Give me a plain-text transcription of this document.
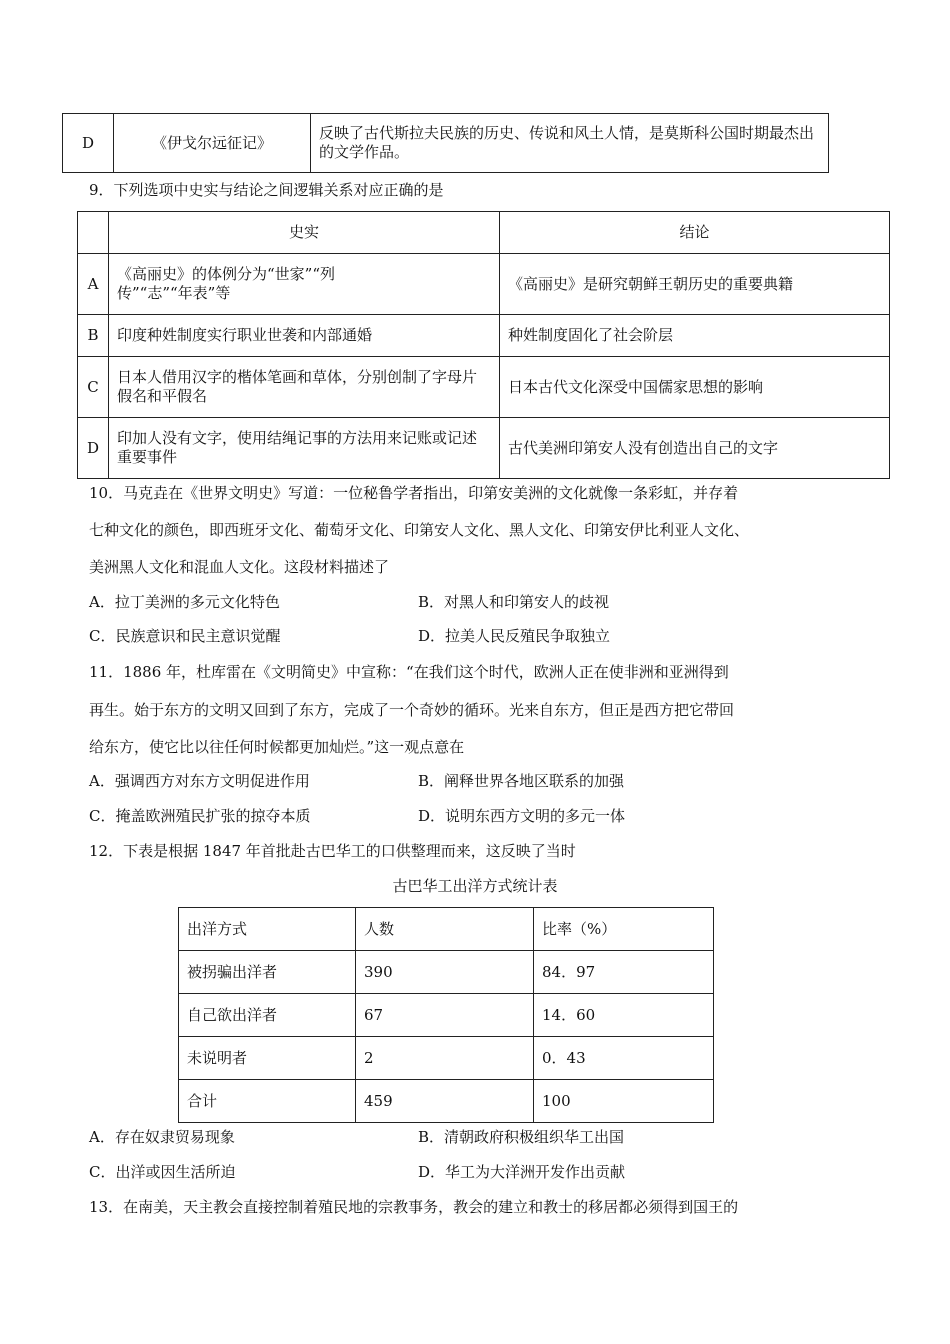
D	《伊戈尔远征记》	反映了古代斯拉夫民族的历史、传说和风土人情，是莫斯科公国时期最杰出的文学作品。
9．下列选项中史实与结论之间逻辑关系对应正确的是
	史实	结论
A	《高丽史》的体例分为“世家”“列传”“志”“年表”等	《高丽史》是研究朝鲜王朝历史的重要典籍
B	印度种姓制度实行职业世袭和内部通婚	种姓制度固化了社会阶层
C	日本人借用汉字的楷体笔画和草体，分别创制了字母片假名和平假名	日本古代文化深受中国儒家思想的影响
D	印加人没有文字，使用结绳记事的方法用来记账或记述重要事件	古代美洲印第安人没有创造出自己的文字
10．马克垚在《世界文明史》写道：一位秘鲁学者指出，印第安美洲的文化就像一条彩虹，并存着
七种文化的颜色，即西班牙文化、葡萄牙文化、印第安人文化、黑人文化、印第安伊比利亚人文化、
美洲黑人文化和混血人文化。这段材料描述了
A．拉丁美洲的多元文化特色	B．对黑人和印第安人的歧视
C．民族意识和民主意识觉醒	D．拉美人民反殖民争取独立
11．1886 年，杜库雷在《文明简史》中宣称：“在我们这个时代，欧洲人正在使非洲和亚洲得到
再生。始于东方的文明又回到了东方，完成了一个奇妙的循环。光来自东方，但正是西方把它带回
给东方，使它比以往任何时候都更加灿烂。”这一观点意在
A．强调西方对东方文明促进作用	B．阐释世界各地区联系的加强
C．掩盖欧洲殖民扩张的掠夺本质	D．说明东西方文明的多元一体
12．下表是根据 1847 年首批赴古巴华工的口供整理而来，这反映了当时
古巴华工出洋方式统计表
出洋方式	人数	比率（%）
被拐骗出洋者	390	84．97
自己欲出洋者	67	14．60
未说明者	2	0．43
合计	459	100
A．存在奴隶贸易现象	B．清朝政府积极组织华工出国
C．出洋或因生活所迫	D．华工为大洋洲开发作出贡献
13．在南美，天主教会直接控制着殖民地的宗教事务，教会的建立和教士的移居都必须得到国王的
